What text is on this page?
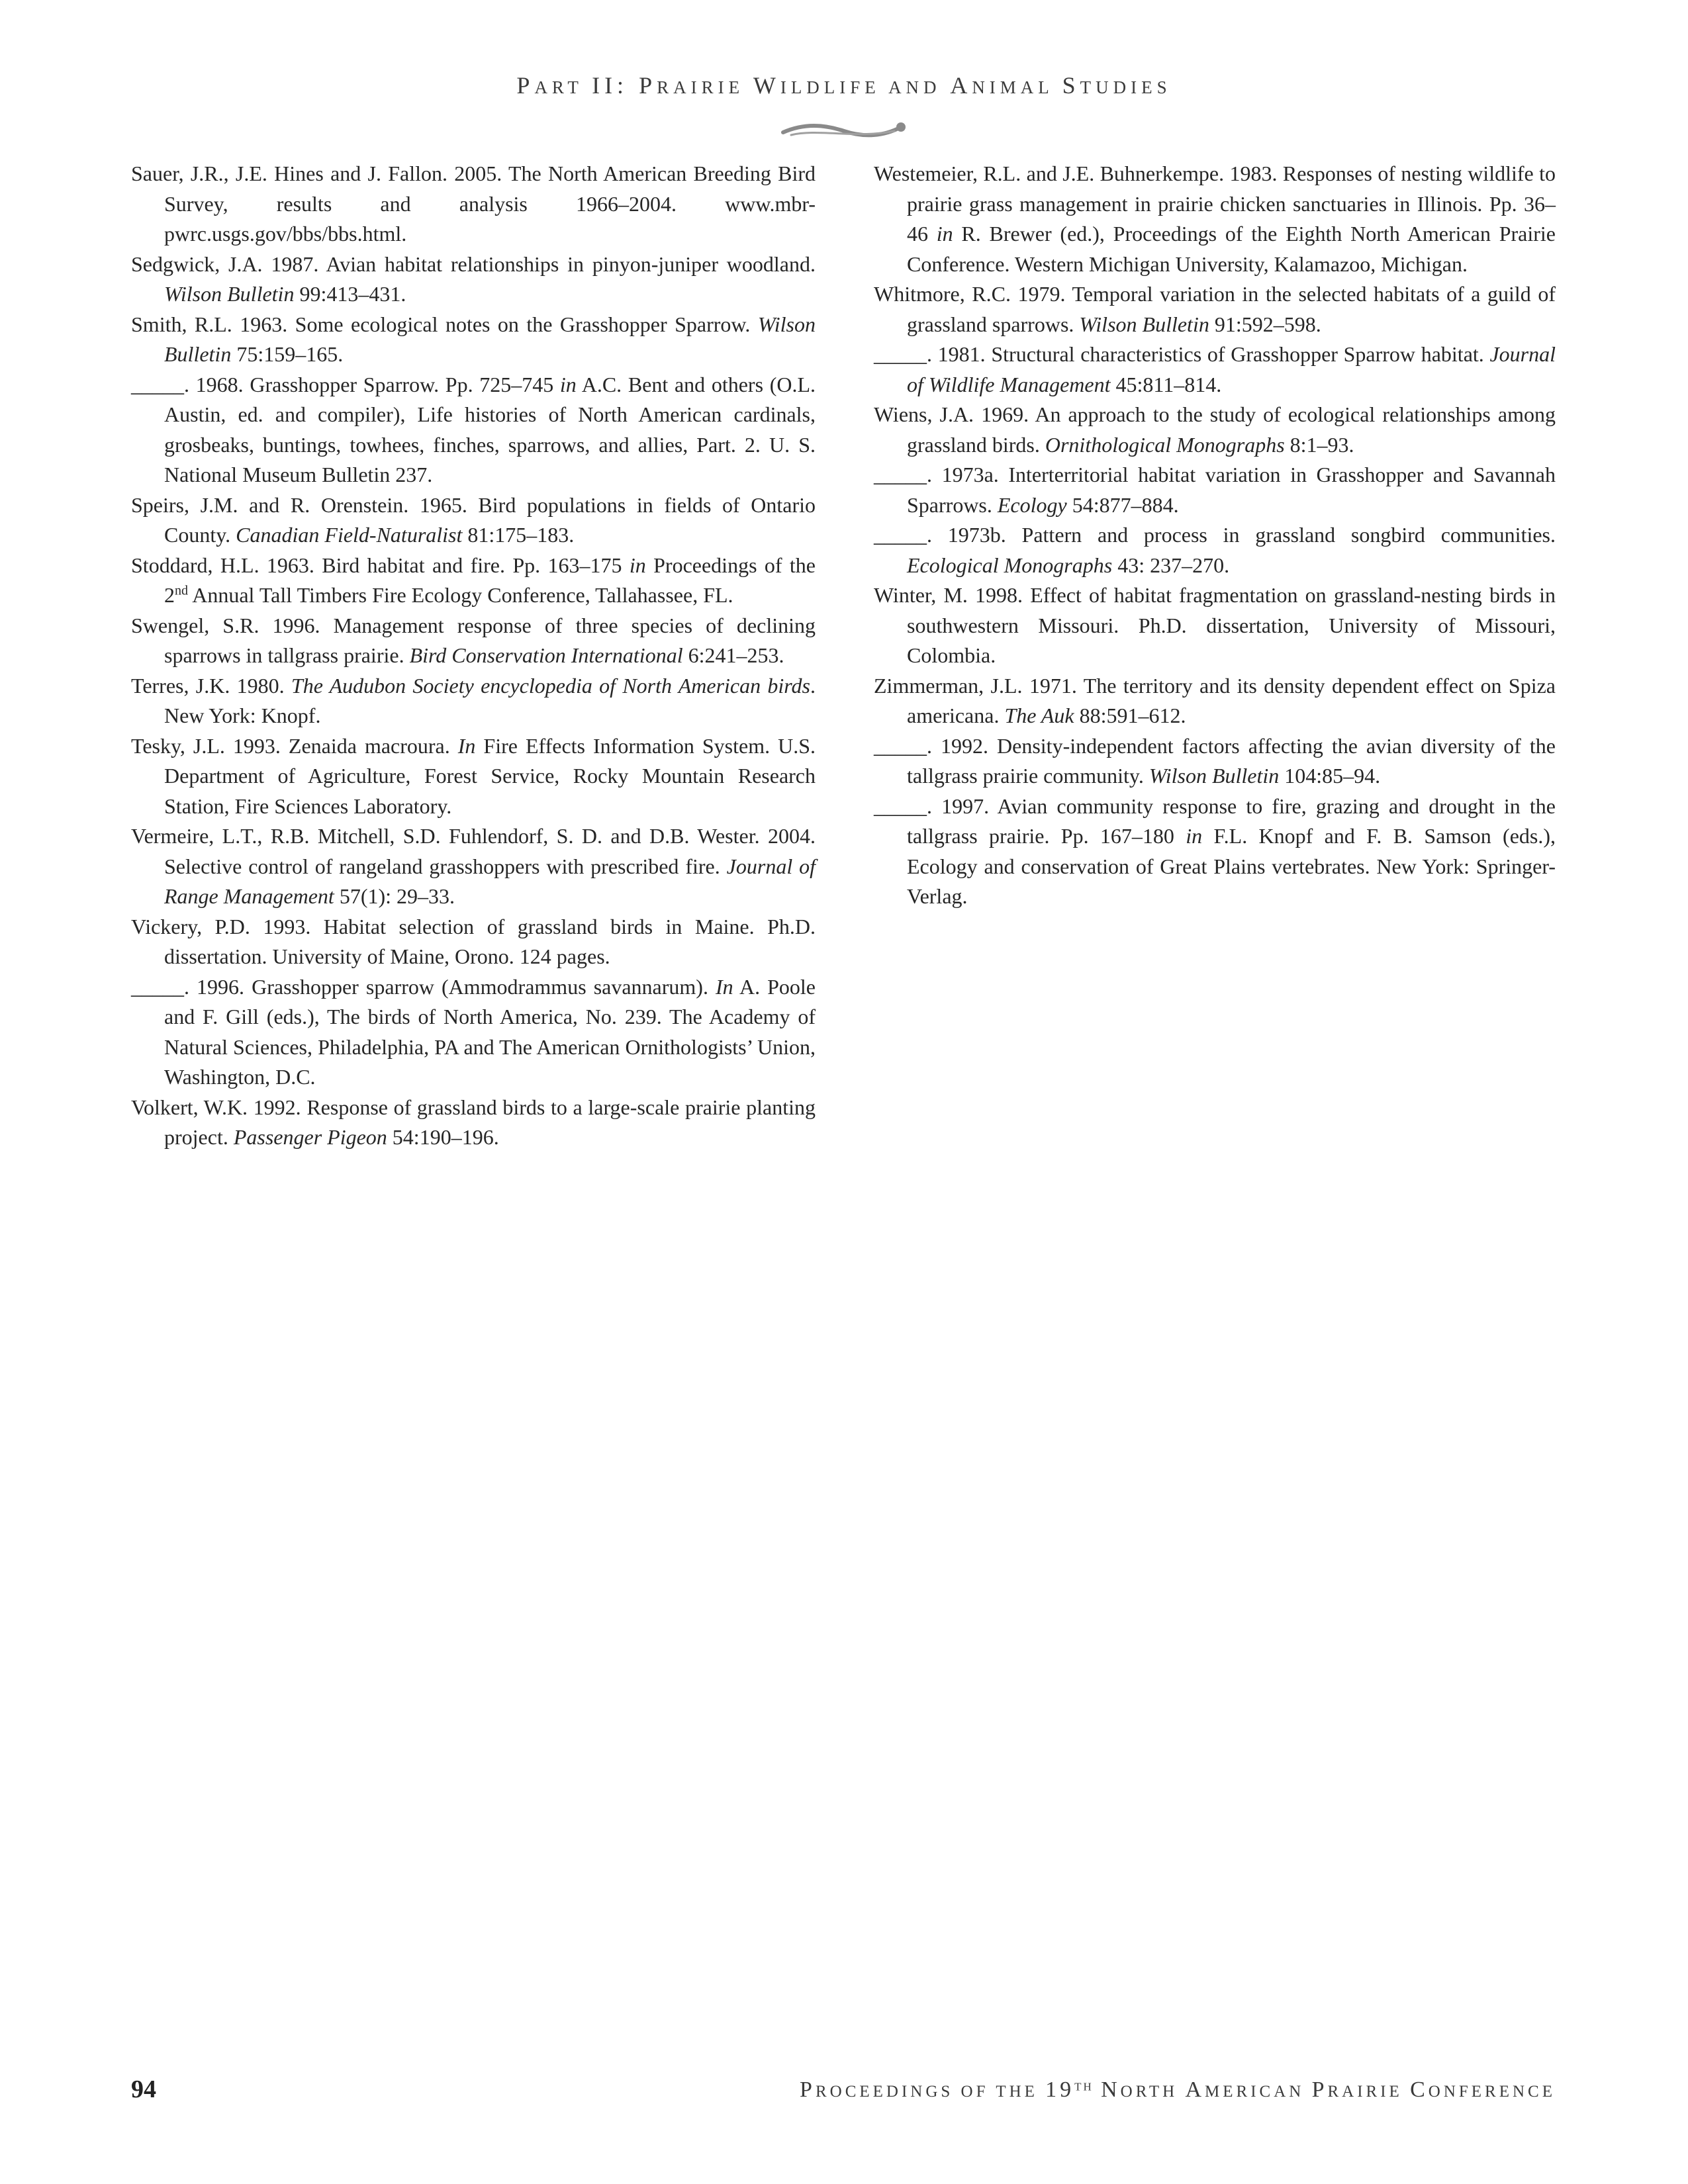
PART II: PRAIRIE WILDLIFE AND ANIMAL STUDIES
Sauer, J.R., J.E. Hines and J. Fallon. 2005. The North American Breeding Bird Survey, results and analysis 1966–2004. www.mbr-pwrc.usgs.gov/bbs/bbs.html.
Sedgwick, J.A. 1987. Avian habitat relationships in pinyon-juniper woodland. Wilson Bulletin 99:413–431.
Smith, R.L. 1963. Some ecological notes on the Grasshopper Sparrow. Wilson Bulletin 75:159–165.
_____. 1968. Grasshopper Sparrow. Pp. 725–745 in A.C. Bent and others (O.L. Austin, ed. and compiler), Life histories of North American cardinals, grosbeaks, buntings, towhees, finches, sparrows, and allies, Part. 2. U. S. National Museum Bulletin 237.
Speirs, J.M. and R. Orenstein. 1965. Bird populations in fields of Ontario County. Canadian Field-Naturalist 81:175–183.
Stoddard, H.L. 1963. Bird habitat and fire. Pp. 163–175 in Proceedings of the 2nd Annual Tall Timbers Fire Ecology Conference, Tallahassee, FL.
Swengel, S.R. 1996. Management response of three species of declining sparrows in tallgrass prairie. Bird Conservation International 6:241–253.
Terres, J.K. 1980. The Audubon Society encyclopedia of North American birds. New York: Knopf.
Tesky, J.L. 1993. Zenaida macroura. In Fire Effects Information System. U.S. Department of Agriculture, Forest Service, Rocky Mountain Research Station, Fire Sciences Laboratory.
Vermeire, L.T., R.B. Mitchell, S.D. Fuhlendorf, S. D. and D.B. Wester. 2004. Selective control of rangeland grasshoppers with prescribed fire. Journal of Range Management 57(1): 29–33.
Vickery, P.D. 1993. Habitat selection of grassland birds in Maine. Ph.D. dissertation. University of Maine, Orono. 124 pages.
_____. 1996. Grasshopper sparrow (Ammodrammus savannarum). In A. Poole and F. Gill (eds.), The birds of North America, No. 239. The Academy of Natural Sciences, Philadelphia, PA and The American Ornithologists’ Union, Washington, D.C.
Volkert, W.K. 1992. Response of grassland birds to a large-scale prairie planting project. Passenger Pigeon 54:190–196.
Westemeier, R.L. and J.E. Buhnerkempe. 1983. Responses of nesting wildlife to prairie grass management in prairie chicken sanctuaries in Illinois. Pp. 36–46 in R. Brewer (ed.), Proceedings of the Eighth North American Prairie Conference. Western Michigan University, Kalamazoo, Michigan.
Whitmore, R.C. 1979. Temporal variation in the selected habitats of a guild of grassland sparrows. Wilson Bulletin 91:592–598.
_____. 1981. Structural characteristics of Grasshopper Sparrow habitat. Journal of Wildlife Management 45:811–814.
Wiens, J.A. 1969. An approach to the study of ecological relationships among grassland birds. Ornithological Monographs 8:1–93.
_____. 1973a. Interterritorial habitat variation in Grasshopper and Savannah Sparrows. Ecology 54:877–884.
_____. 1973b. Pattern and process in grassland songbird communities. Ecological Monographs 43: 237–270.
Winter, M. 1998. Effect of habitat fragmentation on grassland-nesting birds in southwestern Missouri. Ph.D. dissertation, University of Missouri, Colombia.
Zimmerman, J.L. 1971. The territory and its density dependent effect on Spiza americana. The Auk 88:591–612.
_____. 1992. Density-independent factors affecting the avian diversity of the tallgrass prairie community. Wilson Bulletin 104:85–94.
_____. 1997. Avian community response to fire, grazing and drought in the tallgrass prairie. Pp. 167–180 in F.L. Knopf and F. B. Samson (eds.), Ecology and conservation of Great Plains vertebrates. New York: Springer-Verlag.
94	PROCEEDINGS OF THE 19TH NORTH AMERICAN PRAIRIE CONFERENCE
